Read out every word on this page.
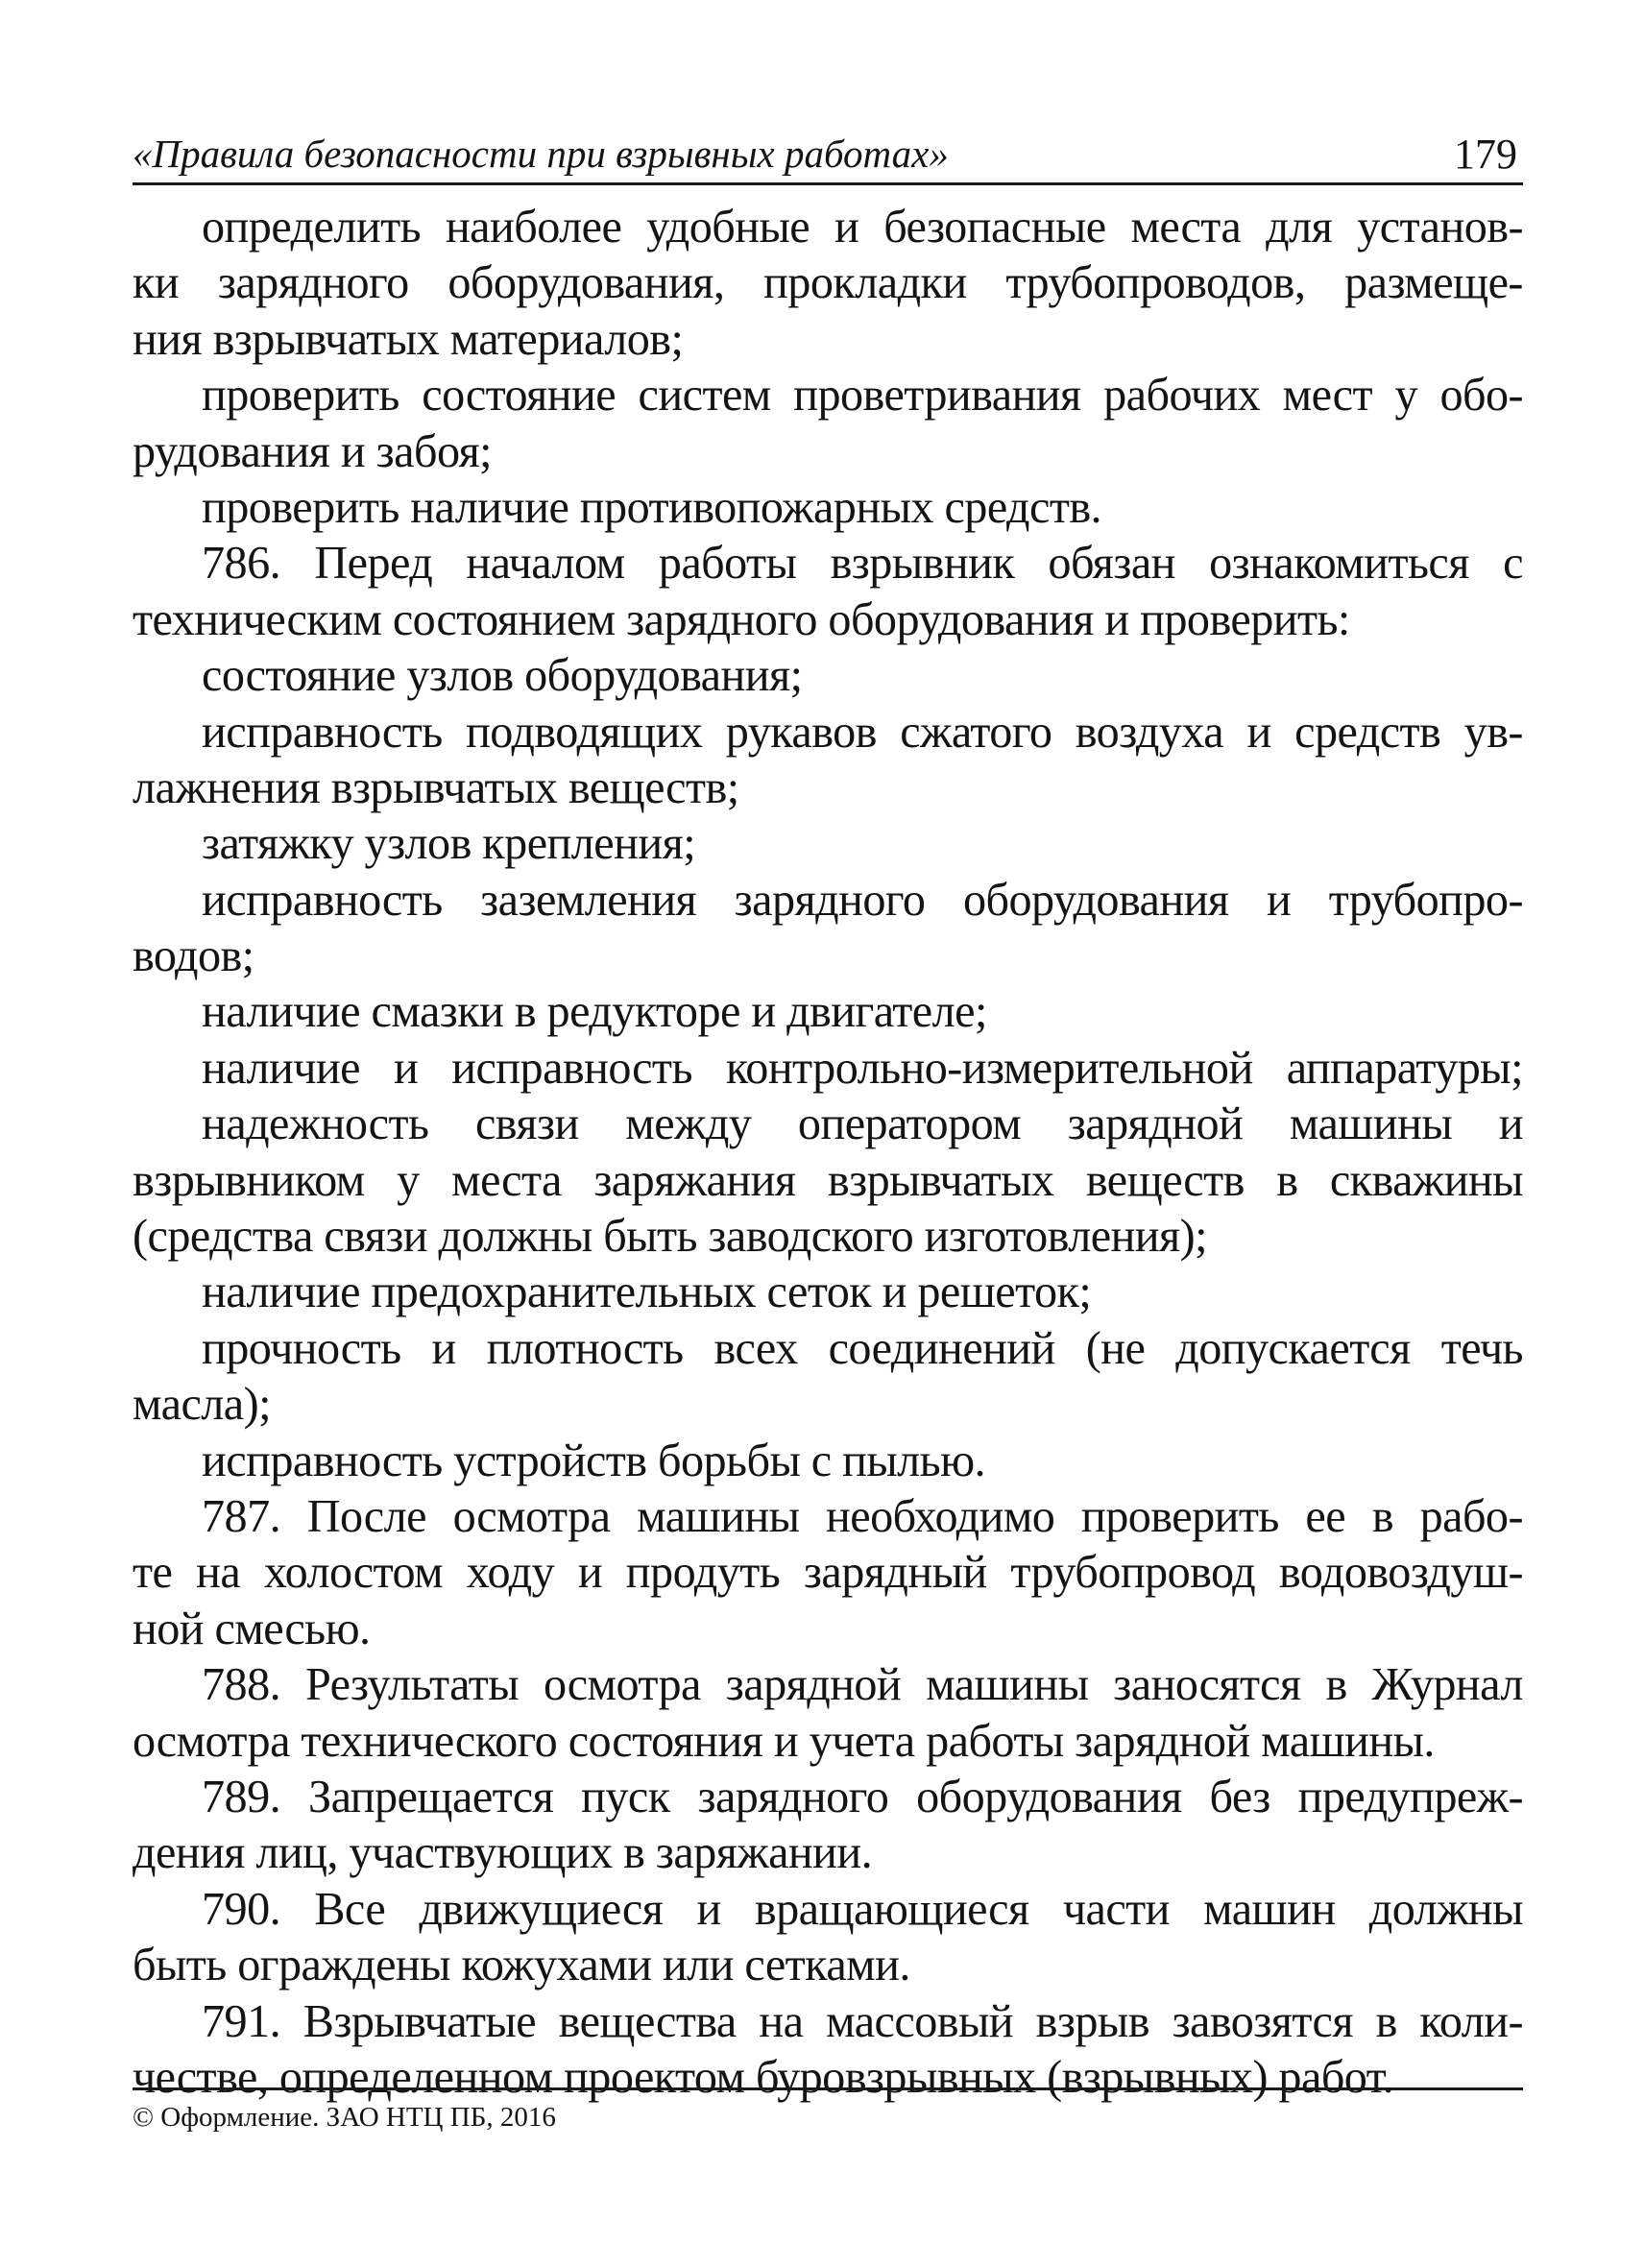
«Правила безопасности при взрывных работах»	179
определить наиболее удобные и безопасные места для установ-
ки зарядного оборудования, прокладки трубопроводов, размеще-
ния взрывчатых материалов;
проверить состояние систем проветривания рабочих мест у обо-
рудования и забоя;
проверить наличие противопожарных средств.
786. Перед началом работы взрывник обязан ознакомиться с
техническим состоянием зарядного оборудования и проверить:
состояние узлов оборудования;
исправность подводящих рукавов сжатого воздуха и средств ув-
лажнения взрывчатых веществ;
затяжку узлов крепления;
исправность заземления зарядного оборудования и трубопро-
водов;
наличие смазки в редукторе и двигателе;
наличие и исправность контрольно-измерительной аппаратуры;
надежность связи между оператором зарядной машины и
взрывником у места заряжания взрывчатых веществ в скважины
(средства связи должны быть заводского изготовления);
наличие предохранительных сеток и решеток;
прочность и плотность всех соединений (не допускается течь
масла);
исправность устройств борьбы с пылью.
787. После осмотра машины необходимо проверить ее в рабо-
те на холостом ходу и продуть зарядный трубопровод водовоздуш-
ной смесью.
788. Результаты осмотра зарядной машины заносятся в Журнал
осмотра технического состояния и учета работы зарядной машины.
789. Запрещается пуск зарядного оборудования без предупреж-
дения лиц, участвующих в заряжании.
790. Все движущиеся и вращающиеся части машин должны
быть ограждены кожухами или сетками.
791. Взрывчатые вещества на массовый взрыв завозятся в коли-
честве, определенном проектом буровзрывных (взрывных) работ.
© Оформление. ЗАО НТЦ ПБ, 2016
